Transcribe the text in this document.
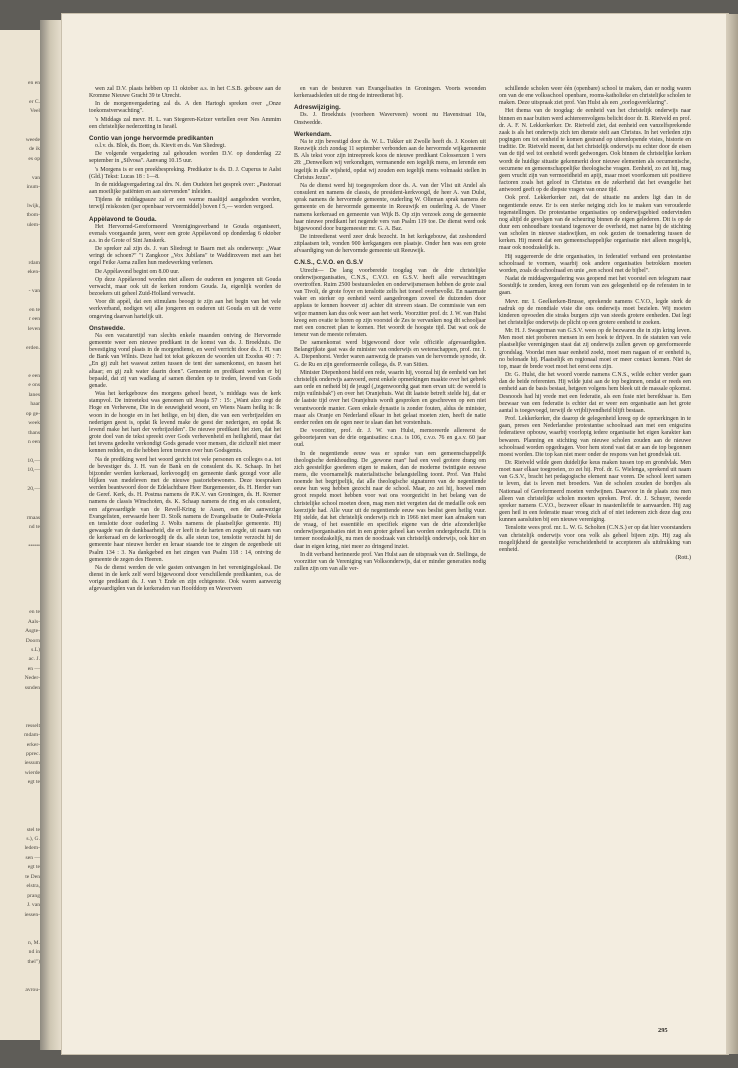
en en
er C.
Veel
weede
de ik
es op
van
inum-
lwijk,
tbom-
ulem-
rdam
eken-
- van
en te
r een
leven
erden.
e een
e ons
lanes
haar
op ge-
week
thans
n een
10,—
10,—
20,—
rmaas
nd te
••••••
en te
Aals-
Asgte-
Doorn
s.L)
ac. J.
en —
Neder-
ssnden
resselt
mdam-
erker-
pprec.
iessum
wierde
egt te
stel te
s.), G.
ledem-
sen —
egt te
te Den
elstra,
prang
J. van
iessen-
n, M.
nd in
thel")
avrou-

wen zal D.V. plaats hebben op 11 oktober a.s. in het C.S.B. gebouw aan de Kromme Nieuwe Gracht 39 te Utrecht.

In de morgenvergadering zal ds. A den Hartogh spreken over „Onze toekomstverwachting".

's Middags zal mevr. H. L. van Stegeren-Keizer vertellen over Nes Ammim een christelijke nederzetting in Israël.

Contio van jonge hervormde predikanten

o.l.v. ds. Blok, ds. Boer, ds. Kievit en ds. Van Sliedregt.

De volgende vergadering zal gehouden worden D.V. op donderdag 22 september in „Silvosa". Aanvang 10.15 uur.

's Morgens is er een preekbespreking. Predikator is ds. D. J. Cuperus te Aalst (Gld.) Tekst: Lucas 18 : 1—8.

In de middagvergadering zal drs. N. den Oudsten het gesprek over: „Pastoraat aan moeilijke patiënten en aan stervenden" inleiden.

Tijdens de middagpauze zal er een warme maaltijd aangeboden worden, terwijl reiskosten (per openbaar vervoermiddel) boven f 5,— worden vergoed.

Appèlavond te Gouda.

Het Hervormd-Gereformeerd Verenigingsverband te Gouda organiseert, evenals voorgaande jaren, weer een grote Appèlavond op donderdag 6 oktober a.s. in de Grote of Sint Janskerk.

De spreker zal zijn ds. J. van Sliedregt te Baarn met als onderwerp: „Waar wringt de schoen?" "i Zangkoor „Vox Jubilans" te Waddinxveen met aan het orgel Feike Asma zullen hun medewerking verlenen.

De Appèlavond begint om 8.00 uur.

Op deze Appèlavond worden niet alleen de ouderen en jongeren uit Gouda verwacht, maar ook uit de kerken rondom Gouda. Ja, eigenlijk worden de bezoekers uit geheel Zuid-Holland verwacht.

Voor dit appèl, dat een stimulans beoogt te zijn aan het begin van het vele werkverband, nodigen wij alle jongeren en ouderen uit Gouda en uit de verre omgeving daarvan hartelijk uit.

Onstwedde.

Na een vacaturetijd van slechts enkele maanden ontving de Hervormde gemeente weer een nieuwe predikant in de komst van ds. J. Broekhuis. De bevestiging vond plaats in de morgendienst, en werd verricht door ds. J. H. van de Bank van Wilnis. Deze had tot tekst gekozen de woorden uit Exodus 40 : 7: „En gij zult het waswat zetten tussen de tent der samenkomst, en tussen het altaar; en gij zult water daarin doen". Gemeente en predikant werden er bij bepaald, dat zij van wadlang af samen dienden op te treden, levend van Gods genade.

Was het kerkgebouw des morgens geheel bezet, 's middags was de kerk stampvol. De intreetekst was genomen uit Jesaja 57 : 15: „Want alzo zegt de Hoge en Verhevene, Die in de eeuwigheid woont, en Wiens Naam heilig is: Ik woon in de hoogte en in het heilige, en bij dien, die van een verbrijzelden en nederigen geest is, opdat Ik levend make de geest der nederigen, en opdat Ik levend make het hart der verbrijzelden". De nieuwe predikant liet zien, dat het grote doel van de tekst spreekt over Gods verhevenheid en heiligheid, maar dat het tevens gedeelte verkondigt Gods genade voor mensen, die zichzelf niet meer kennen redden, en die hebben leren treuren over hun Godsgemis.

Na de prediking werd het woord gericht tot vele personen en colleges o.a. tot de bevestiger ds. J. H. van de Bank en de consulent ds. K. Schaap. In het bijzonder werden kerkeraad, kerkvoogdij en gemeente dank gezegd voor alle blijken van medeleven met de nieuwe pastoriebewoners. Deze toespraken werden beantwoord door de Edelachtbare Heer Burgemeester, ds. H. Herder van de Geref. Kerk, ds. H. Postma namens de P.K.V. van Groningen, ds. H. Kremer namens de classis Winschoten, ds. K. Schaap namens de ring en als consulent, een afgevaardigde van de Revell-Kring te Assen, een der aanwezige Evangelisten, eerwaarde heer D. Stolk namens de Evangelisatie te Oude-Pekela en tenslotte door ouderling J. Wolts namens de plaatselijke gemeente. Hij gewaagde van de dankbaarheid, die er leeft in de harten en zegde, uit naam van de kerkeraad en de kerkvoogdij de ds. alle steun toe, tenslotte verzocht hij de gemeente haar nieuwe herder en leraar staande toe te zingen de zegenbede uit Psalm 134 : 3. Na dankgebed en het zingen van Psalm 118 : 14, ontving de gemeente de zegen des Heeren.

Na de dienst werden de vele gasten ontvangen in het verenigingslokaal. De dienst in de kerk zelf werd bijgewoond door verschillende predikanten, o.a. de vorige predikant ds. J. van 't Ende en zijn echtgenote. Ook waren aanwezig afgevaardigden van de kerkeraden van Hoofddorp en Waverveen

en van de besturen van Evangelisaties in Groningen. Voorts woonden kerkeraadsleden uit de ring de intreedienst bij.

Adreswijziging.

Ds. J. Broekhuis (voorheen Waverveen) woont nu Havenstraat 10a, Onstwedde.

Werkendam.

Na te zijn bevestigd door ds. W. L. Tukker uit Zwolle heeft ds. J. Kooien uit Reeuwijk zich zondag 11 september verbonden aan de hervormde wijkgemeente B. Als tekst voor zijn intreepreek koos de nieuwe predikant Colossenzen 1 vers 28: „Denwelken wij verkondigen, vermanende een iegelijk mens, en lerende een iegelijk in alle wijsheid, opdat wij zouden een iegelijk mens volmaakt stellen in Christus Jezus".

Na de dienst werd hij toegesproken door ds. A. van der Vlist uit Andel als consulent en namens de classis, de president-kerkvoogd, de heer A. van Dulst, sprak namens de hervormde gemeente, ouderling W. Olieman sprak namens de gemeente en de hervormde gemeente in Reeuwijk en ouderling A. de Visser namens kerkeraad en gemeente van Wijk B. Op zijn verzoek zong de gemeente haar nieuwe predikant het negende vers van Psalm 119 toe. De dienst werd ook bijgewoond door burgemeester mr. G. A. Baz.

De intreedienst werd zeer druk bezocht. In het kerkgebouw, dat zeshonderd zitplaatsen telt, vonden 900 kerkgangers een plaatsje. Onder hen was een grote afvaardiging van de hervormde gemeente uit Reeuwijk.

C.N.S., C.V.O. en G.S.V

Utrecht— De lang voorbereide toogdag van de drie christelijke onderwijsorganisaties, C.N.S., C.V.O. en G.S.V. heeft alle verwachtingen overtroffen. Ruim 2500 bestuursleden en onderwijsmensen hebben de grote zaal van Tivoli, de grote foyer en tenslotte zelfs het toneel overbevolkt. En naarmate vaker en sterker op eenheid werd aangedrongen zoveel de duizenden door applaus te kennen hoeveer zij achter dit streven staan. De commissie van een wijze mannen kan dus ook weer aan het werk. Voorzitter prof. dr. J. W. van Hulst kreeg een ovatie te horen op zijn voorstel de Zes te vervanken nog dit schooljaar met een concreet plan te komen. Het woordt de hoogste tijd. Dat wat ook de teneur van de meeste referaten.

De samenkomst werd bijgewoond door vele officiële afgevaardigden. Belangrijkste gast was de minister van onderwijs en wetenschappen, prof. mr. I. A. Diepenhorst. Verder waren aanwezig de praeses van de hervormde synode, dr. G. de Ru en zijn gereformeerde collega, ds. P. van Sitien.

Minister Diepenhorst hield een rede, waarin hij, voorzal hij de eenheid van het christelijk onderwijs aanvoerd, eerst enkele opmerkingen maakte over het gebrek aan orde en netheid bij de jeugd („tegenwoordig gaat men ervan uit: de wereld is mijn vuilnisbak") en over het Oranjehuis. Wat dit laatste betreft stelde hij, dat er de laatste tijd over het Oranjehuis wordt gesproken en geschreven op een niet verantwoorde manier. Geen enkele dynastie is zonder fouten, aldus de minister, maar als Oranje en Nederland elkaar in het gelaat moeten zien, heeft de natie eerder reden om de ogen neer te slaan dan het vorstenhuis.

De voorzitter, prof. dr. J. W. van Hulst, memoreerde allereerst de geboortejaren van de drie organisaties: c.n.s. is 106, c.v.o. 76 en g.s.v. 60 jaar oud.

In de negentiende eeuw was er sprake van een gemeenschappelijk theologische denkhouding. De „gewone man" had een veel grotere drang om zich geestelijke goederen eigen te maken, dan de moderne twintigste eeuwse mens, die voornamelijk materialistische belangstelling toont. Prof. Van Hulst noemde het begrijpelijk, dat alle theologische signaturen van de negentiende eeuw hun weg hebben gezocht naar de school. Maar, zo zei hij, hoewel men groot respekt moet hebben voor wat ons voorgezicht in het belang van de christelijke school moeten doen, mag men niet vergeten dat de medaille ook een keerzijde had. Alle vuur uit de negentiende eeuw was beslist geen heilig vuur. Hij stelde, dat het christelijk onderwijs rich in 1966 niet meer kan afmaken van de vraag, of het essentiële en specifiek eigene van de drie afzonderlijke onderwijsorganisaties niet in een groter geheel kan worden ondergebracht. Dit is temeer noodzakelijk, nu men de noodzaak van christelijk onderwijs, ook hier en daar in eigen kring, niet meer zo dringend inziet.

In dit verband herinnerde prof. Van Hulst aan de uitspraak van dr. Stellinga, de voorzitter van de Vereniging van Volksonderwijs, dat er minder generaties nodig zullen zijn om van alle ver-

schillende scholen weer één (openbare) school te maken, dan er nodig waren om van de ene volksschool openbare, rooms-katholieke en christelijke scholen te maken. Deze uitspraak ziet prof. Van Hulst als een „oorlogsverklaring".

Het thema van de toogdag: de eenheid van het christelijk onderwijs naar binnen en naar buiten werd achtereenvolgens belicht door dr. B. Rietveld en prof. dr. A. F. N. Lekkerkerker. Dr. Rietveld ziet, dat eenheid een vanzelfsprekende zaak is als het onderwijs zich ten dienste stelt aan Christus. In het verleden zijn pogingen om tot eenheid te komen gestrand op uiteenlopende visies, historie en traditie. Dr. Rietveld meent, dat het christelijk onderwijs nu echter door de eisen van de tijd wel tot eenheid wordt gedwongen. Ook binnen de christelijke kerken wordt de huidige situatie gekenmerkt door nieuwe elementen als oecumenische, oecumene en gemeenschappelijke theologische vragen. Eenheid, zo zei hij, mag geen vrucht zijn van vermoeidheid en apijt, maar moet voortkomen uit positieve factoren zoals het geloof in Christus en de zekerheid dat het evangelie het antwoord geeft op de diepste vragen van onze tijd.

Ook prof. Lekkerkerker zei, dat de situatie nu anders ligt dan in de negentiende eeuw. Er is een sterke neiging zich los te maken van verouderde tegenstellingen. De protestantse organisaties op onderwijsgebied ondervinden nog altijd de gevolgen van de scheuring binnen de eigen gelederen. Dit is op de duur een onhoudbare toestand tegenover de overheid, met name bij de stichting van scholen in nieuwe stadswijken, en ook gezien de toenadering tussen de kerken. Hij meent dat een gemeenschappelijke organisatie niet alleen mogelijk, maar ook noodzakelijk is.

Hij suggereerde de drie organisaties, in federatief verband een protestantse schoolraad te vormen, waarbij ook andere organisaties betrokken moeten worden, zoals de schoolraad en unie „een school met de bijbel".

Nadat de middagvergadering was geopend met het voorstel een telegram naar Soestdijk te zenden, kreeg een forum van zes gelegenheid op de referaten in te gaan.

Mevr. mr. I. Geelkerken-Brusse, sprekende namens C.V.O., legde sterk de nadruk op de mondiale visie die ons onderwijs moet bezielen. Wij moeten kinderen opvoeden die straks burgers zijn van steeds grotere eenheden. Dat legt het christelijke onderwijs de plicht op een grotere eenheid te zoeken.

Mr. H. J. Swagerman van G.S.V. wees op de bezwaren die in zijn kring leven. Men moet niet proberen mensen in een hoek te drijven. In de statuten van vele plaatselijke verenigingen staat dat zij onderwijs zullen geven op gereformeerde grondslag. Voordat men naar eenheid zoekt, moet men nagaan of er eenheid is, no belonade hij. Plaatselijk en regionaal moet er meer contact komen. Niet de top, maar de brede voet moet het eerst eens zijn.

Dr. G. Hulst, die het woord voerde namens C.N.S., wilde echter verder gaan dan de beide referenten. Hij wilde juist aan de top beginnen, omdat er reeds een eenheid aan de basis bestaat, hetgeen volgens hem bleek uit de massale opkomst. Desnoods had hij vrede met een federatie, als een fusie niet bereikbaar is. Een bezwaar van een federatie is echter dat er weer een organisatie aan het grote aantal is toegevoegd, terwijl de vrijblijvendheid blijft bestaan.

Prof. Lekkerkerker, die daarop de gelegenheid kreeg op de opmerkingen in te gaan, preses een Nederlandse protestantse schoolraad aan met een enigszins federatieve opbouw, waarbij voorlopig iedere organisatie het eigen karakter kan bewaren. Planning en stichting van nieuwe scholen zouden aan de nieuwe schoolraad worden opgedragen. Voor hem stond vast dat er aan de top begonnen moest worden. Die top kan niet meer onder de respons van het grondvlak uit.

Dr. Rietveld wilde geen duidelijke keus maken tussen top en grondvlak. Men moet naar elkaar toegroeien, zo zei hij. Prof. dr. G. Wielenga, sprekend uit naam van G.S.V., bracht het pedagogische element naar voren. De school leert samen te leven, dat is leven met broeders. Van de scholen zouden de bordjes als Nationaal of Gereformeerd moeten verdwijnen. Daarvoor in de plaats zou men alleen van christelijke scholen moeten spreken. Prof. dr. J. Schuyer, tweede spreker namens C.V.O., bezweer elkaar in naastenliefde te aanvaarden. Hij zag geen heil in een federatie maar vroeg zich af of niet iedereen zich deze dag zou kunnen aansluiten bij een nieuwe vereniging.

Tenslotte wees prof. mr. L. W. G. Scholten (C.N.S.) er op dat hier voorstanders van christelijk onderwijs voor ons volk als geheel bijeen zijn. Hij zag als mogelijkheid de geestelijke verscheidenheid te accepteren als uitdrukking van eenheid.

(Rott.)

295
